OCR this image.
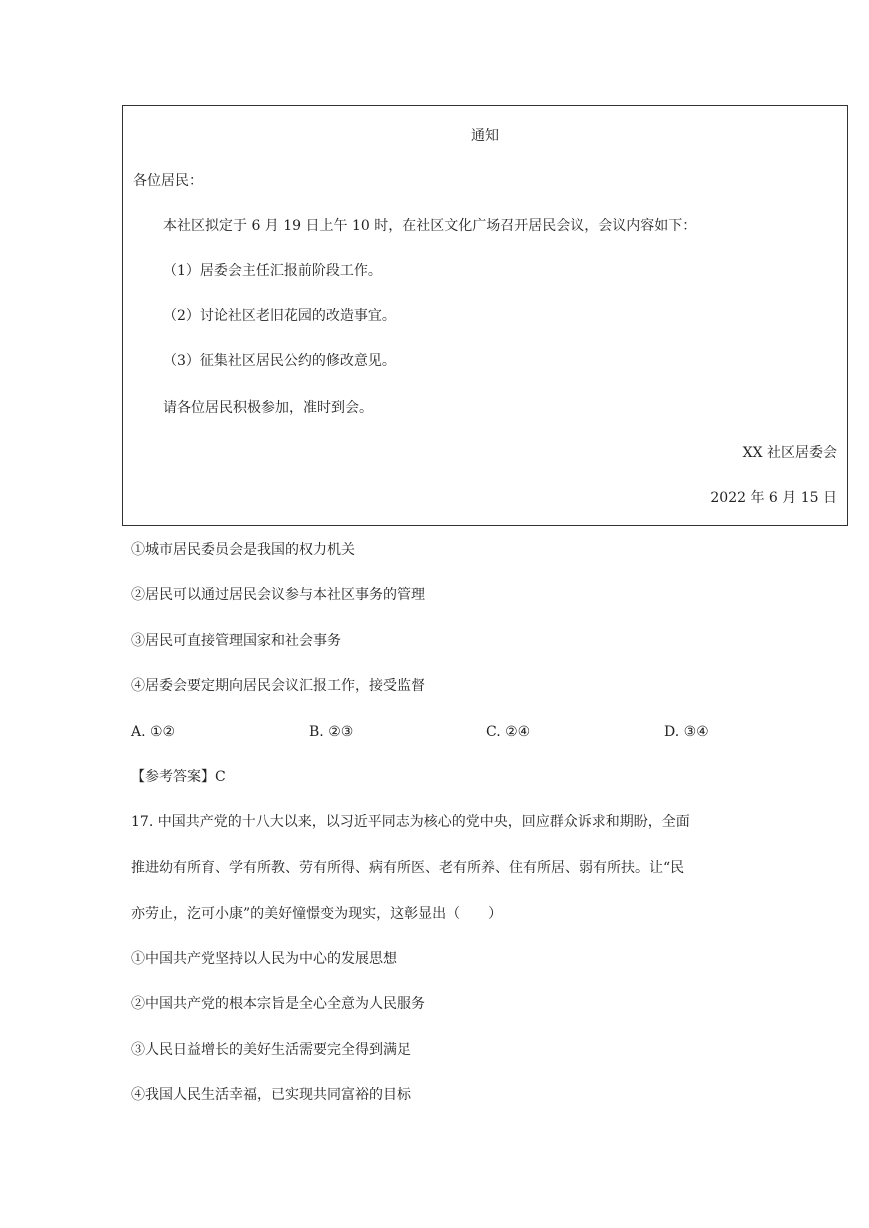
通知
各位居民：
本社区拟定于 6 月 19 日上午 10 时，在社区文化广场召开居民会议，会议内容如下：
（1）居委会主任汇报前阶段工作。
（2）讨论社区老旧花园的改造事宜。
（3）征集社区居民公约的修改意见。
请各位居民积极参加，准时到会。
XX 社区居委会
2022 年 6 月 15 日
①城市居民委员会是我国的权力机关
②居民可以通过居民会议参与本社区事务的管理
③居民可直接管理国家和社会事务
④居委会要定期向居民会议汇报工作，接受监督
A. ①②	B. ②③	C. ②④	D. ③④
【参考答案】C
17. 中国共产党的十八大以来，以习近平同志为核心的党中央，回应群众诉求和期盼，全面
推进幼有所育、学有所教、劳有所得、病有所医、老有所养、住有所居、弱有所扶。让“民
亦劳止，汔可小康”的美好憧憬变为现实，这彰显出（　　）
①中国共产党坚持以人民为中心的发展思想
②中国共产党的根本宗旨是全心全意为人民服务
③人民日益增长的美好生活需要完全得到满足
④我国人民生活幸福，已实现共同富裕的目标
